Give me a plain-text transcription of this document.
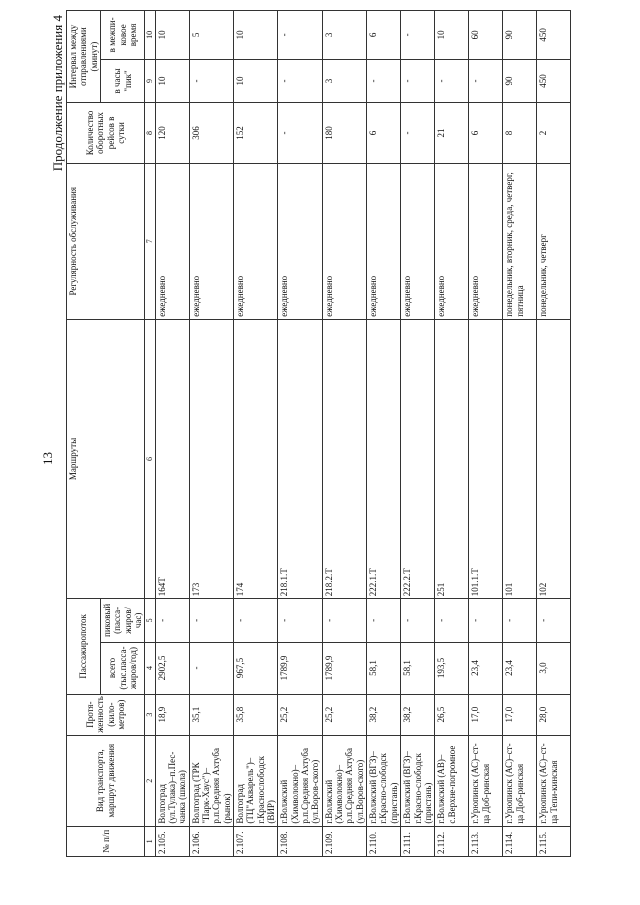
13
Продолжение приложения 4
№ п/п	Вид транспорта, маршрут движения	Протя-женность (кило-метров)	Пассажиропоток		Маршруты	Регулярность обслуживания	Количество оборотных рейсов в сутки	Интервал между отправлениями (минут)	
			всего (тыс.пасса-жиров/год)	пиковый (пасса-жиров/час)				в часы "пик"	в межпи-ковое время
1	2	3	4	5	6	7	8	9	10
2.105.	Волгоград (ул.Тулака)–п.Пес-чанка (школа)	18,9	2902,5	-	164Т	ежедневно	120	10	10
2.106.	Волгоград (ТРК "Парк-Хаус")–р.п.Средняя Ахтуба (рынок)	35,1	-	-	173	ежедневно	306	-	5
2.107.	Волгоград (ТЦ"Акварель")–г.Краснослободск (ВИР)	35,8	967,5	-	174	ежедневно	152	10	10
2.108.	г.Волжский (Химволокно)–р.п.Средняя Ахтуба (ул.Воров-ского)	25,2	1789,9	-	218.1.Т	ежедневно	-	-	-
2.109.	г.Волжский (Химволокно)–р.п.Средняя Ахтуба (ул.Воров-ского)	25,2	1789,9	-	218.2.Т	ежедневно	180	3	3
2.110.	г.Волжский (ВГЗ)–г.Красно-слободск (пристань)	38,2	58,1	-	222.1.Т	ежедневно	6	-	6
2.111.	г.Волжский (ВГЗ)–г.Красно-слободск (пристань)	38,2	58,1	-	222.2.Т	ежедневно	-	-	-
2.112.	г.Волжский (АВ)–с.Верхне-погромное	26,5	193,5	-	251	ежедневно	21	-	10
2.113.	г.Урюпинск (АС)–ст-ца Доб-ринская	17,0	23,4	-	101.1.Т	ежедневно	6	-	60
2.114.	г.Урюпинск (АС)–ст-ца Доб-ринская	17,0	23,4	-	101	понедельник, вторник, среда, четверг, пятница	8	90	90
2.115.	г.Урюпинск (АС)–ст-ца Тепи-кинская	28,0	3,0	-	102	понедельник, четверг	2	450	450
